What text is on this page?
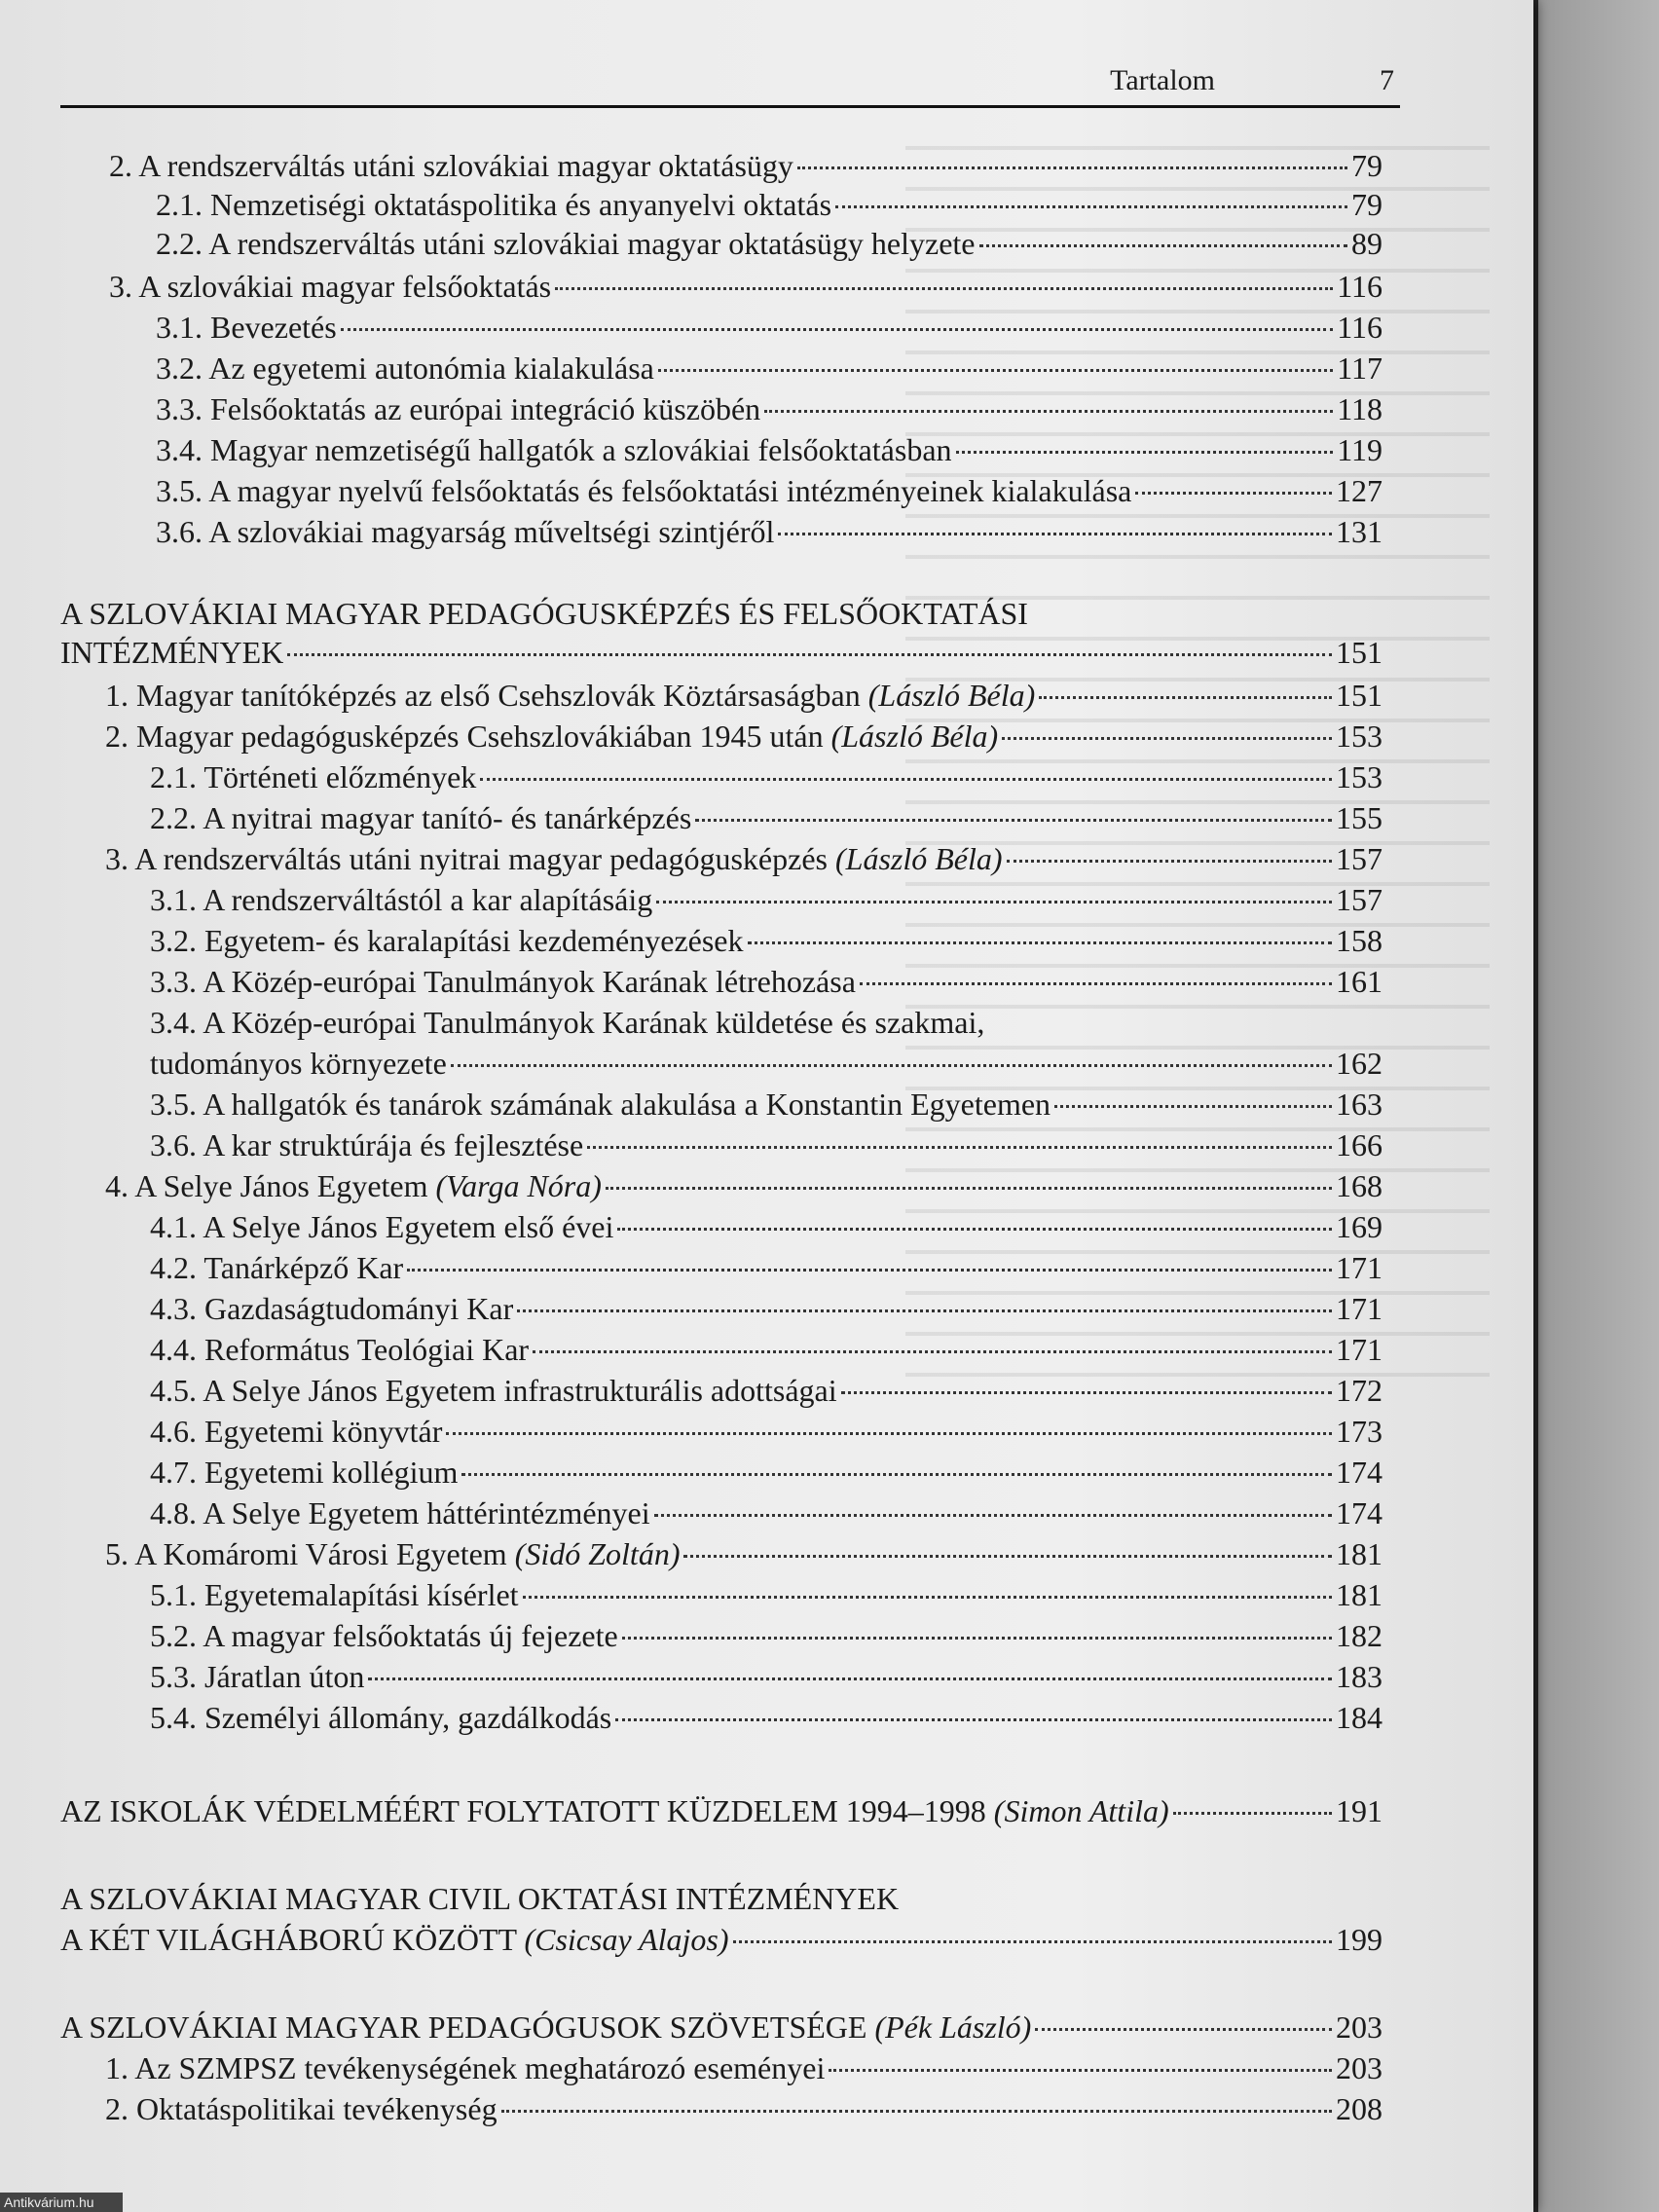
Tartalom	7
2. A rendszerváltás utáni szlovákiai magyar oktatásügy	79
2.1. Nemzetiségi oktatáspolitika és anyanyelvi oktatás	79
2.2. A rendszerváltás utáni szlovákiai magyar oktatásügy helyzete	89
3. A szlovákiai magyar felsőoktatás	116
3.1. Bevezetés	116
3.2. Az egyetemi autonómia kialakulása	117
3.3. Felsőoktatás az európai integráció küszöbén	118
3.4. Magyar nemzetiségű hallgatók a szlovákiai felsőoktatásban	119
3.5. A magyar nyelvű felsőoktatás és felsőoktatási intézményeinek kialakulása	127
3.6. A szlovákiai magyarság műveltségi szintjéről	131
A SZLOVÁKIAI MAGYAR PEDAGÓGUSKÉPZÉS ÉS FELSŐOKTATÁSI
INTÉZMÉNYEK	151
1. Magyar tanítóképzés az első Csehszlovák Köztársaságban (László Béla)	151
2. Magyar pedagógusképzés Csehszlovákiában 1945 után (László Béla)	153
2.1. Történeti előzmények	153
2.2. A nyitrai magyar tanító- és tanárképzés	155
3. A rendszerváltás utáni nyitrai magyar pedagógusképzés (László Béla)	157
3.1. A rendszerváltástól a kar alapításáig	157
3.2. Egyetem- és karalapítási kezdeményezések	158
3.3. A Közép-európai Tanulmányok Karának létrehozása	161
3.4. A Közép-európai Tanulmányok Karának küldetése és szakmai,
tudományos környezete	162
3.5. A hallgatók és tanárok számának alakulása a Konstantin Egyetemen	163
3.6. A kar struktúrája és fejlesztése	166
4. A Selye János Egyetem (Varga Nóra)	168
4.1. A Selye János Egyetem első évei	169
4.2. Tanárképző Kar	171
4.3. Gazdaságtudományi Kar	171
4.4. Református Teológiai Kar	171
4.5. A Selye János Egyetem infrastrukturális adottságai	172
4.6. Egyetemi könyvtár	173
4.7. Egyetemi kollégium	174
4.8. A Selye Egyetem háttérintézményei	174
5. A Komáromi Városi Egyetem (Sidó Zoltán)	181
5.1. Egyetemalapítási kísérlet	181
5.2. A magyar felsőoktatás új fejezete	182
5.3. Járatlan úton	183
5.4. Személyi állomány, gazdálkodás	184
AZ ISKOLÁK VÉDELMÉÉRT FOLYTATOTT KÜZDELEM 1994–1998 (Simon Attila)	191
A SZLOVÁKIAI MAGYAR CIVIL OKTATÁSI INTÉZMÉNYEK
A KÉT VILÁGHÁBORÚ KÖZÖTT (Csicsay Alajos)	199
A SZLOVÁKIAI MAGYAR PEDAGÓGUSOK SZÖVETSÉGE (Pék László)	203
1. Az SZMPSZ tevékenységének meghatározó eseményei	203
2. Oktatáspolitikai tevékenység	208
Antikvárium.hu
